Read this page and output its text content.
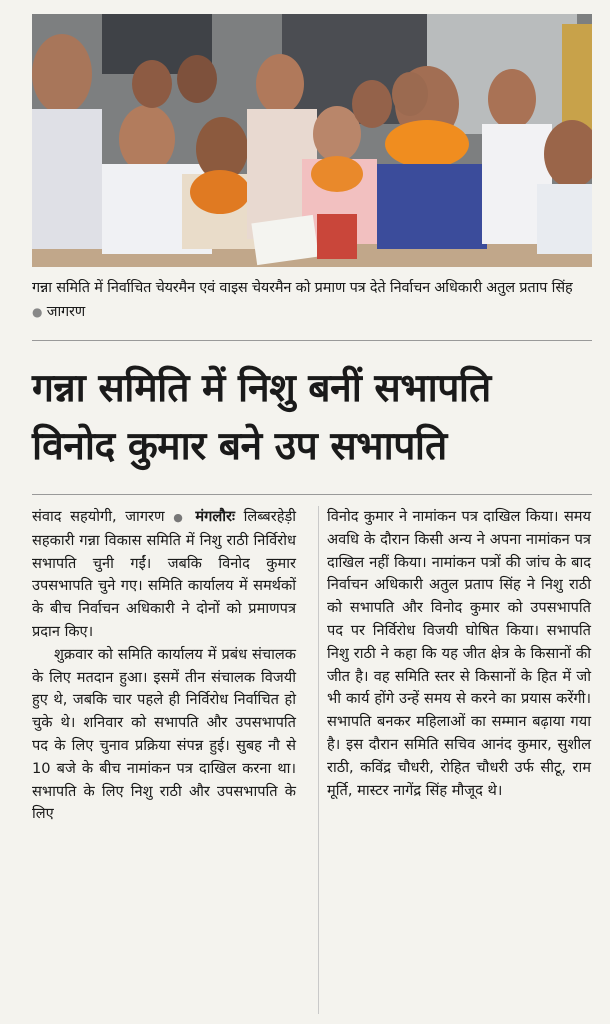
गन्ना समिति में निर्वाचित चेयरमैन एवं वाइस चेयरमैन को प्रमाण पत्र देते निर्वाचन अधिकारी अतुल प्रताप सिंह ● जागरण
गन्ना समिति में निशु बनीं सभापति
विनोद कुमार बने उप सभापति

संवाद सहयोगी, जागरण ● मंगलौरः लिब्बरहेड़ी सहकारी गन्ना विकास समिति में निशु राठी निर्विरोध सभापति चुनी गईं। जबकि विनोद कुमार उपसभापति चुने गए। समिति कार्यालय में समर्थकों के बीच निर्वाचन अधिकारी ने दोनों को प्रमाणपत्र प्रदान किए।

शुक्रवार को समिति कार्यालय में प्रबंध संचालक के लिए मतदान हुआ। इसमें तीन संचालक विजयी हुए थे, जबकि चार पहले ही निर्विरोध निर्वाचित हो चुके थे। शनिवार को सभापति और उपसभापति पद के लिए चुनाव प्रक्रिया संपन्न हुई। सुबह नौ से 10 बजे के बीच नामांकन पत्र दाखिल करना था। सभापति के लिए निशु राठी और उपसभापति के लिए

विनोद कुमार ने नामांकन पत्र दाखिल किया। समय अवधि के दौरान किसी अन्य ने अपना नामांकन पत्र दाखिल नहीं किया। नामांकन पत्रों की जांच के बाद निर्वाचन अधिकारी अतुल प्रताप सिंह ने निशु राठी को सभापति और विनोद कुमार को उपसभापति पद पर निर्विरोध विजयी घोषित किया। सभापति निशु राठी ने कहा कि यह जीत क्षेत्र के किसानों की जीत है। वह समिति स्तर से किसानों के हित में जो भी कार्य होंगे उन्हें समय से करने का प्रयास करेंगी। सभापति बनकर महिलाओं का सम्मान बढ़ाया गया है। इस दौरान समिति सचिव आनंद कुमार, सुशील राठी, कविंद्र चौधरी, रोहित चौधरी उर्फ सीटू, राम मूर्ति, मास्टर नागेंद्र सिंह मौजूद थे।
